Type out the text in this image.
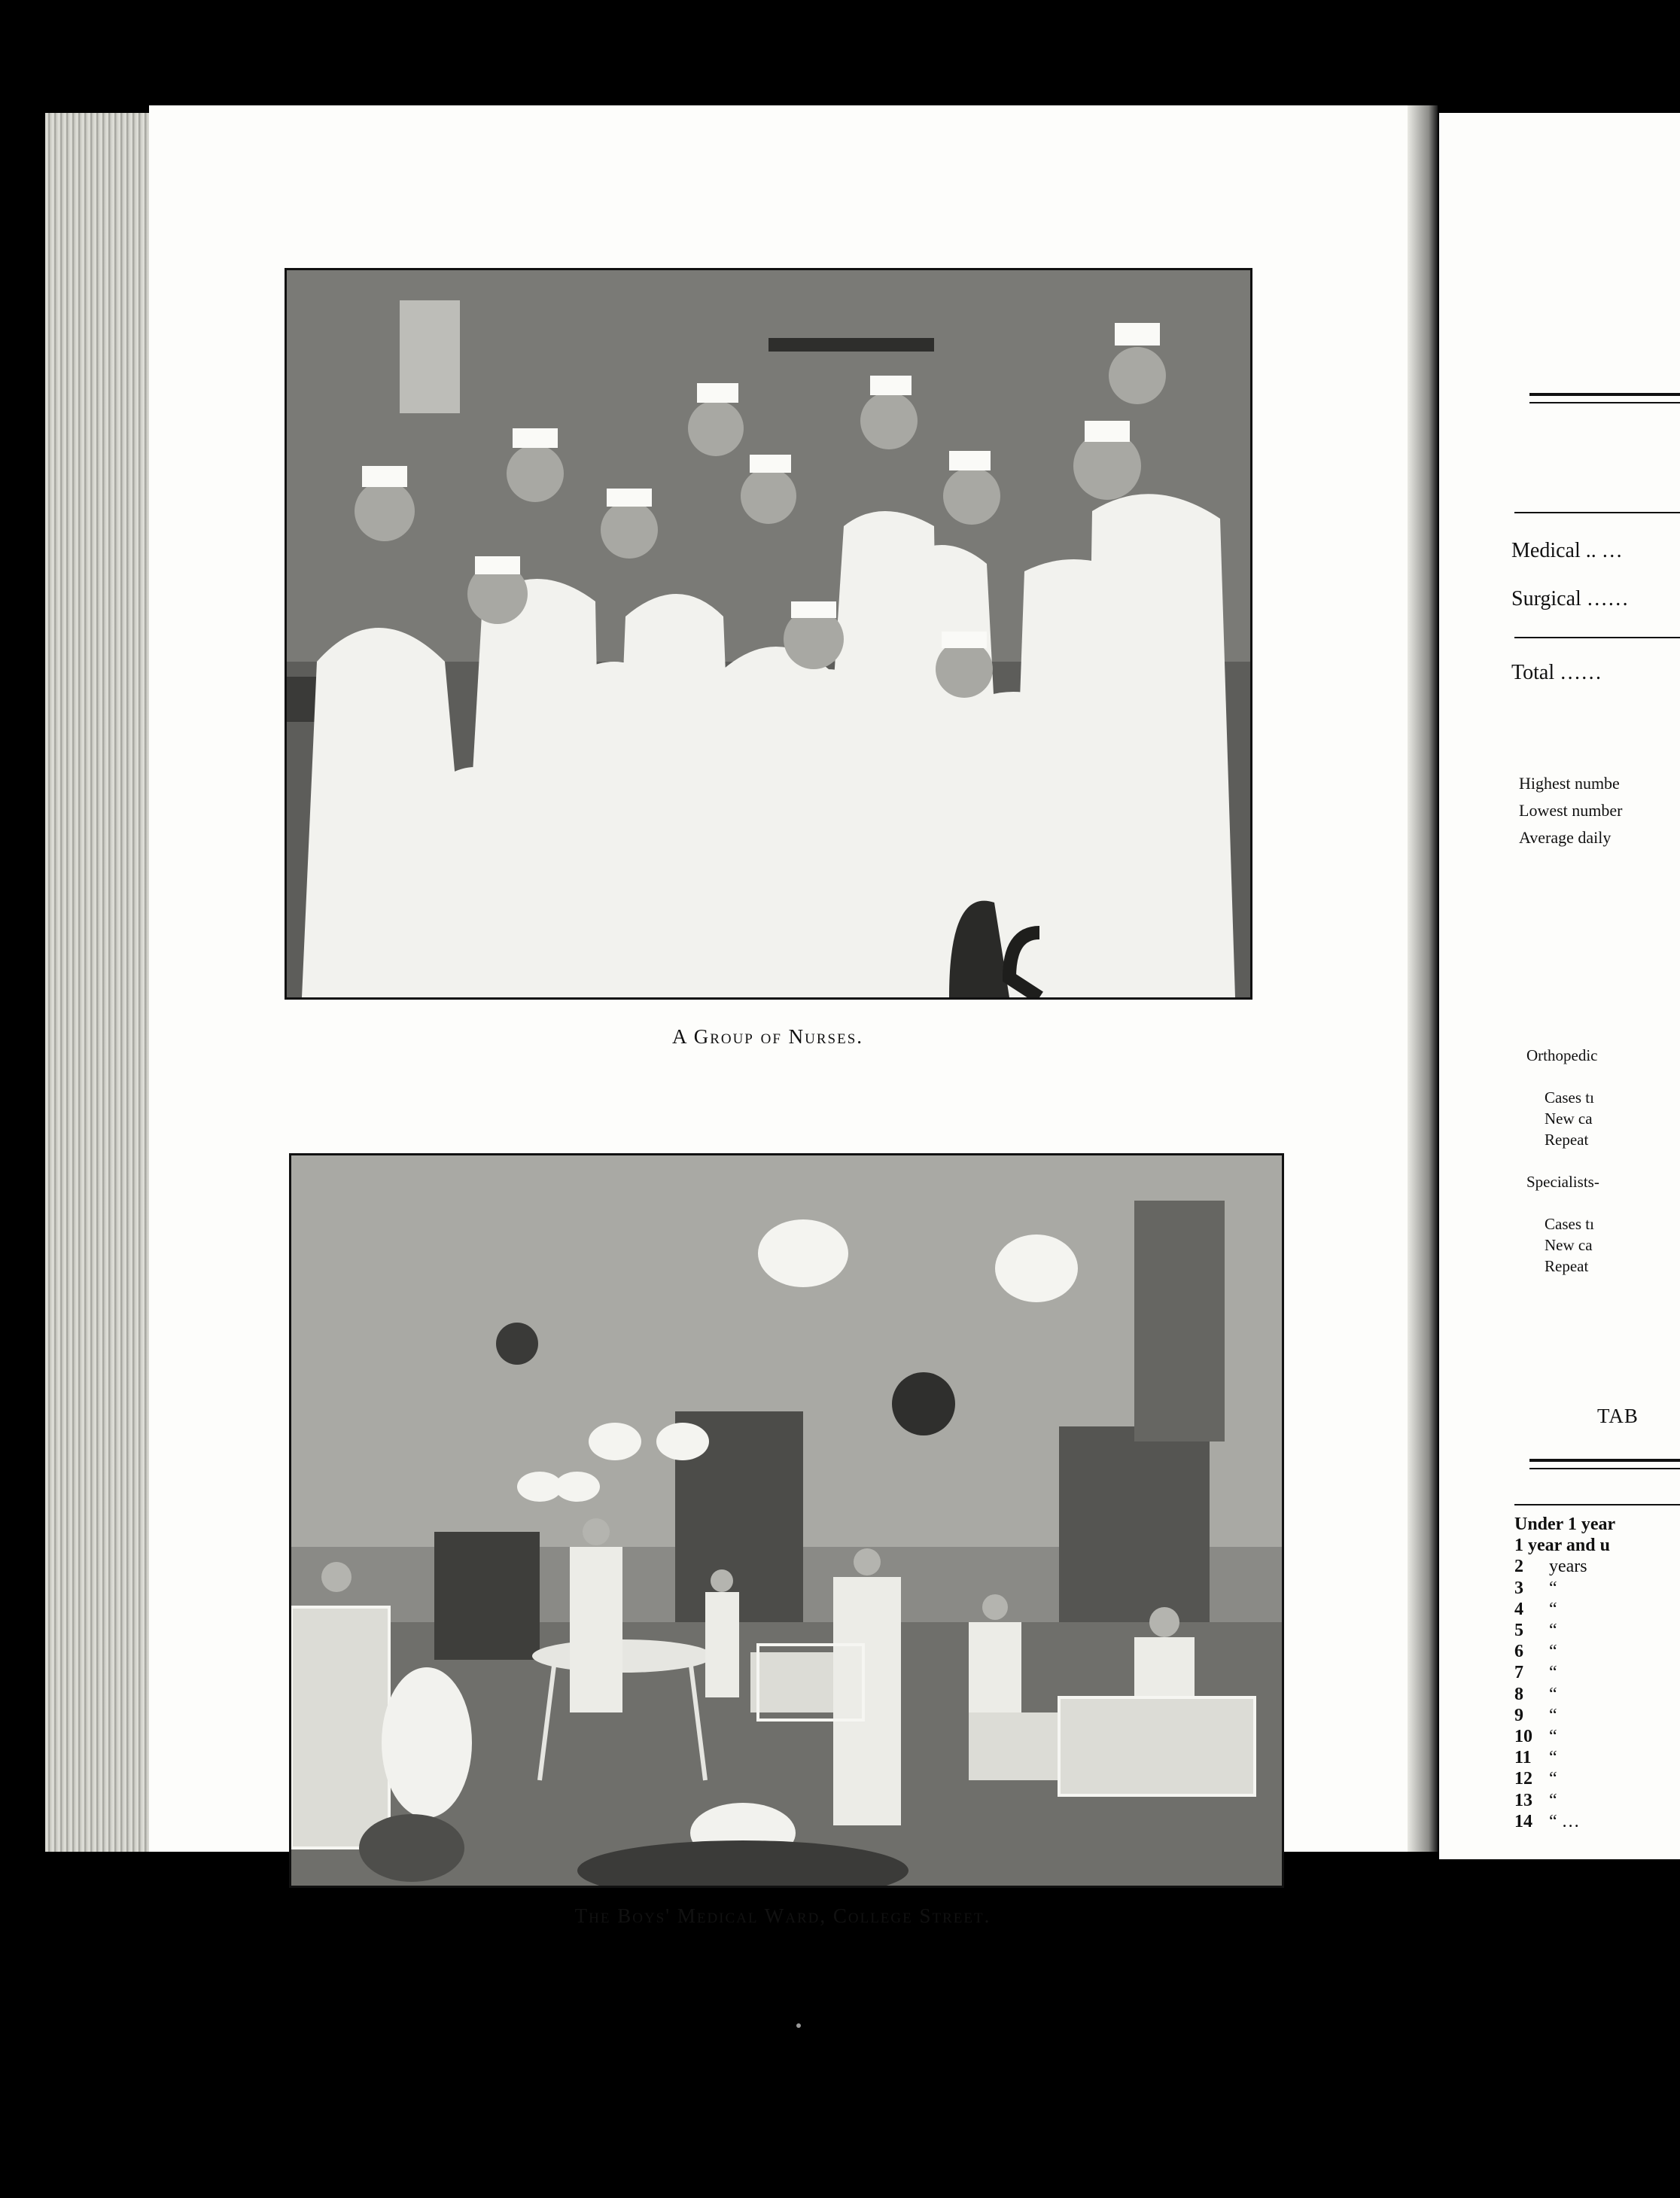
A Group of Nurses.
The Boys' Medical Ward, College Street.
Medical .. …
Surgical ……
Total ……
Highest numbe
Lowest number
Average daily
Orthopedic
Cases tı
New ca
Repeat
Specialists-
Cases tı
New ca
Repeat
TAB
Under 1 year
1 year and u
2 years
3 “
4 “
5 “
6 “
7 “
8 “
9 “
10 “
11 “
12 “
13 “
14 “ …
